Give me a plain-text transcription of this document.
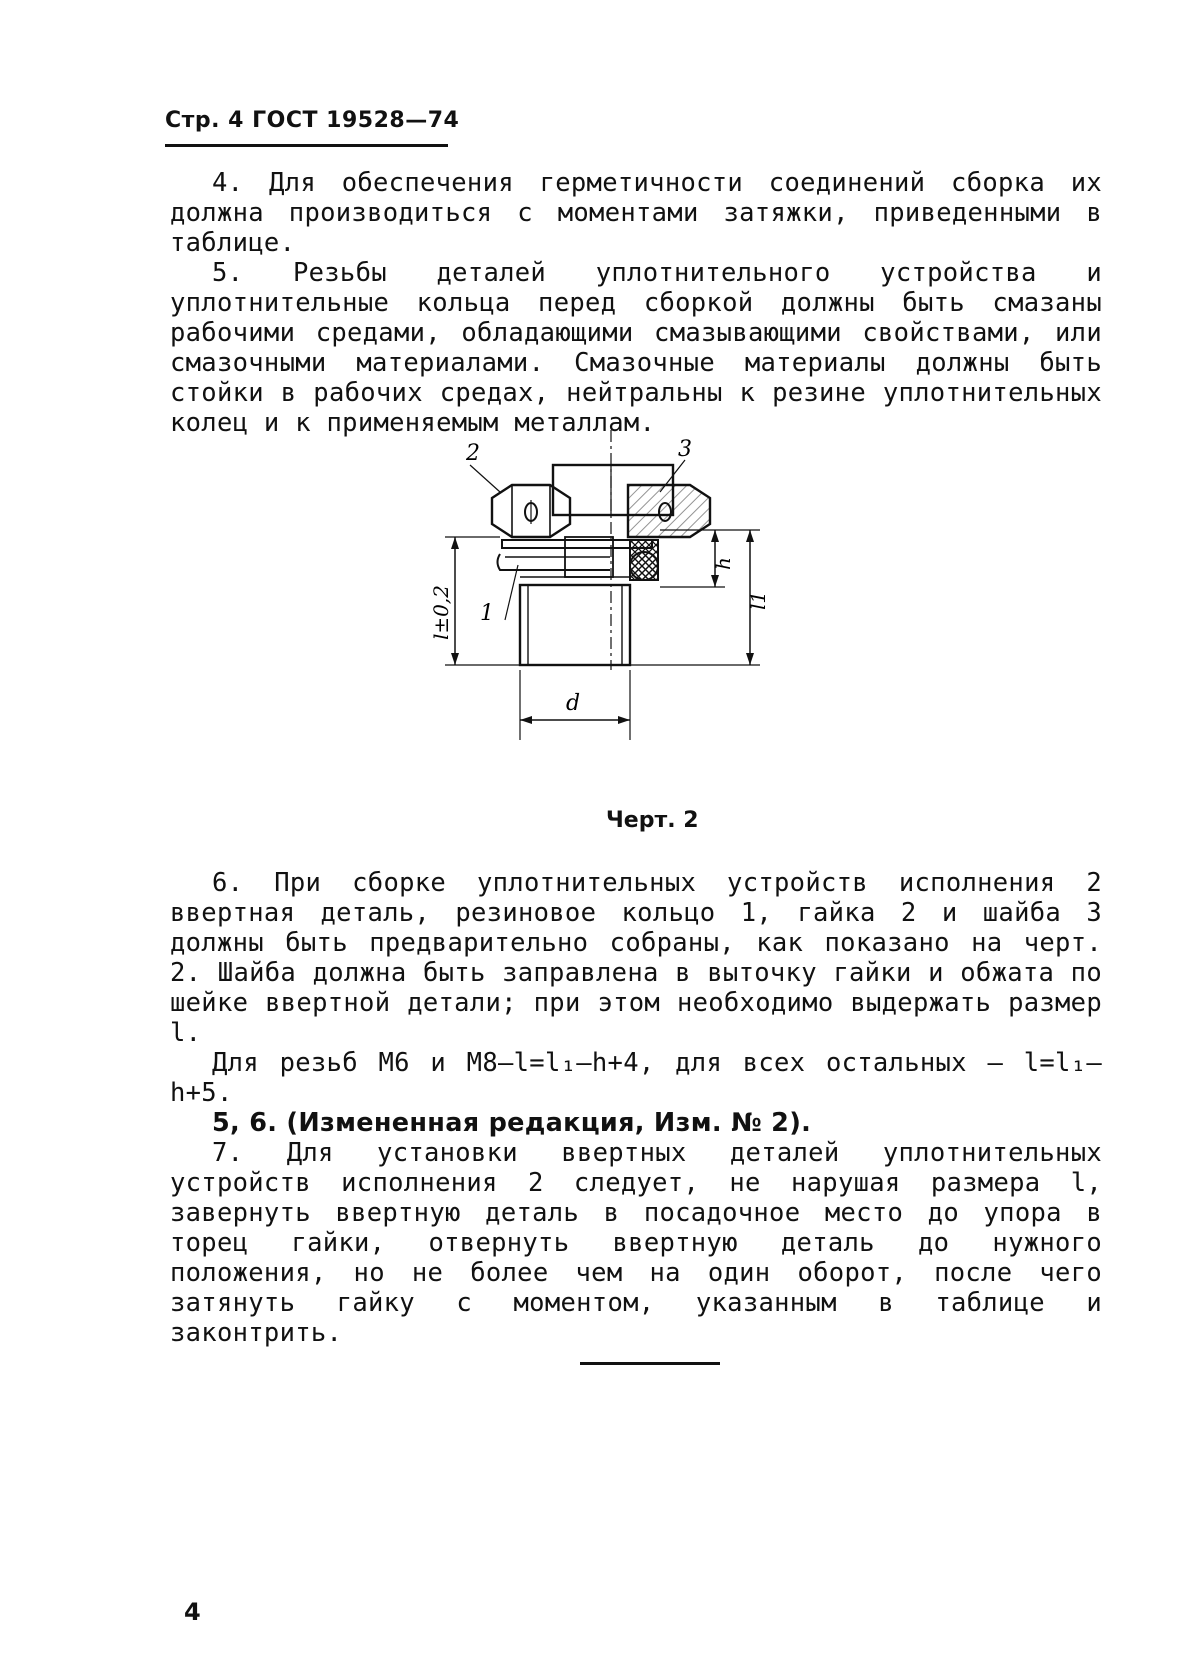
Стр. 4 ГОСТ 19528—74

4. Для обеспечения герметичности соединений сборка их должна производиться с моментами затяжки, приведенными в таблице.

5. Резьбы деталей уплотнительного устройства и уплотнительные кольца перед сборкой должны быть смазаны рабочими средами, обладающими смазывающими свойствами, или смазочными материалами. Смазочные материалы должны быть стойки в рабочих средах, нейтральны к резине уплотнительных колец и к применяемым металлам.

2	3
1
d
l±0,2
h
l1
Черт. 2

6. При сборке уплотнительных устройств исполнения 2 ввертная деталь, резиновое кольцо 1, гайка 2 и шайба 3 должны быть предварительно собраны, как показано на черт. 2. Шайба должна быть заправлена в выточку гайки и обжата по шейке ввертной детали; при этом необходимо выдержать размер l.

Для резьб М6 и М8—l=l₁—h+4, для всех остальных — l=l₁—h+5.

5, 6. (Измененная редакция, Изм. № 2).

7. Для установки ввертных деталей уплотнительных устройств исполнения 2 следует, не нарушая размера l, завернуть ввертную деталь в посадочное место до упора в торец гайки, отвернуть ввертную деталь до нужного положения, но не более чем на один оборот, после чего затянуть гайку с моментом, указанным в таблице и законтрить.

4
